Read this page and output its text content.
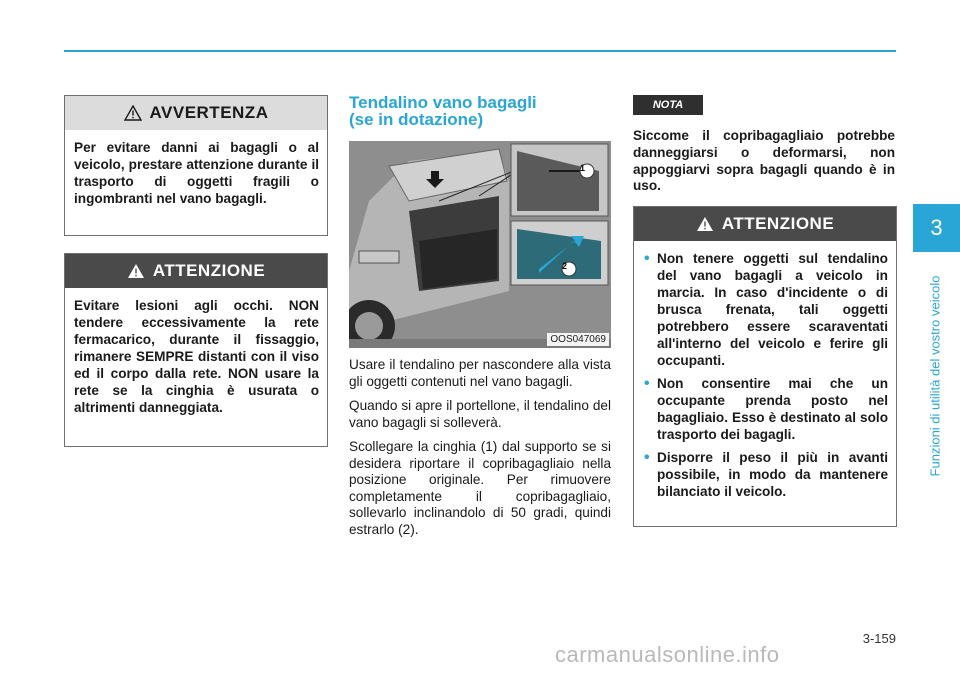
3
Funzioni di utilità del vostro veicolo
AVVERTENZA
Per evitare danni ai bagagli o al veicolo, prestare attenzione durante il trasporto di oggetti fragili o ingombranti nel vano bagagli.
ATTENZIONE
Evitare lesioni agli occhi. NON tendere eccessivamente la rete fermacarico, durante il fissaggio, rimanere SEMPRE distanti con il viso ed il corpo dalla rete. NON usare la rete se la cinghia è usurata o altrimenti danneggiata.
Tendalino vano bagagli
(se in dotazione)
1
2
OOS047069

Usare il tendalino per nascondere alla vista gli oggetti contenuti nel vano bagagli.

Quando si apre il portellone, il tendalino del vano bagagli si solleverà.

Scollegare la cinghia (1) dal supporto se si desidera riportare il copribagagliaio nella posizione originale. Per rimuovere completamente il copribagagliaio, sollevarlo inclinandolo di 50 gradi, quindi estrarlo (2).

NOTA
Siccome il copribagagliaio potrebbe danneggiarsi o deformarsi, non appoggiarvi sopra bagagli quando è in uso.
ATTENZIONE
• Non tenere oggetti sul tendalino del vano bagagli a veicolo in marcia. In caso d'incidente o di brusca frenata, tali oggetti potrebbero essere scaraventati all'interno del veicolo e ferire gli occupanti.
• Non consentire mai che un occupante prenda posto nel bagagliaio. Esso è destinato al solo trasporto dei bagagli.
• Disporre il peso il più in avanti possibile, in modo da mantenere bilanciato il veicolo.
3-159
carmanualsonline.info
